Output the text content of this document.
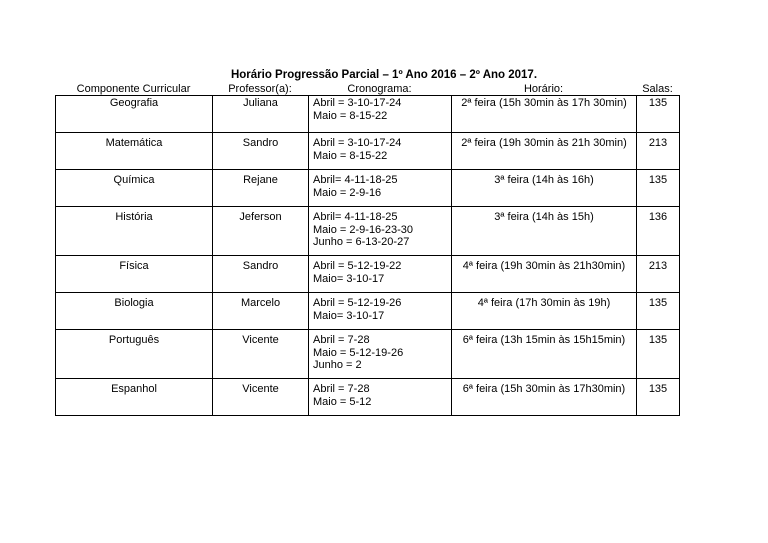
Horário Progressão Parcial – 1º Ano 2016 – 2º Ano 2017.
Componente Curricular	Professor(a):	Cronograma:	Horário:	Salas:
Geografia	Juliana	Abril = 3-10-17-24
Maio = 8-15-22	2ª feira (15h 30min às 17h 30min)	135
Matemática	Sandro	Abril = 3-10-17-24
Maio = 8-15-22	2ª feira (19h 30min às 21h 30min)	213
Química	Rejane	Abril= 4-11-18-25
Maio = 2-9-16	3ª feira (14h às 16h)	135
História	Jeferson	Abril= 4-11-18-25
Maio = 2-9-16-23-30
Junho = 6-13-20-27	3ª feira (14h às 15h)	136
Física	Sandro	Abril = 5-12-19-22
Maio= 3-10-17	4ª feira (19h 30min às 21h30min)	213
Biologia	Marcelo	Abril = 5-12-19-26
Maio= 3-10-17	4ª feira (17h 30min às 19h)	135
Português	Vicente	Abril = 7-28
Maio = 5-12-19-26
Junho = 2	6ª feira (13h 15min às 15h15min)	135
Espanhol	Vicente	Abril = 7-28
Maio = 5-12	6ª feira (15h 30min às 17h30min)	135
